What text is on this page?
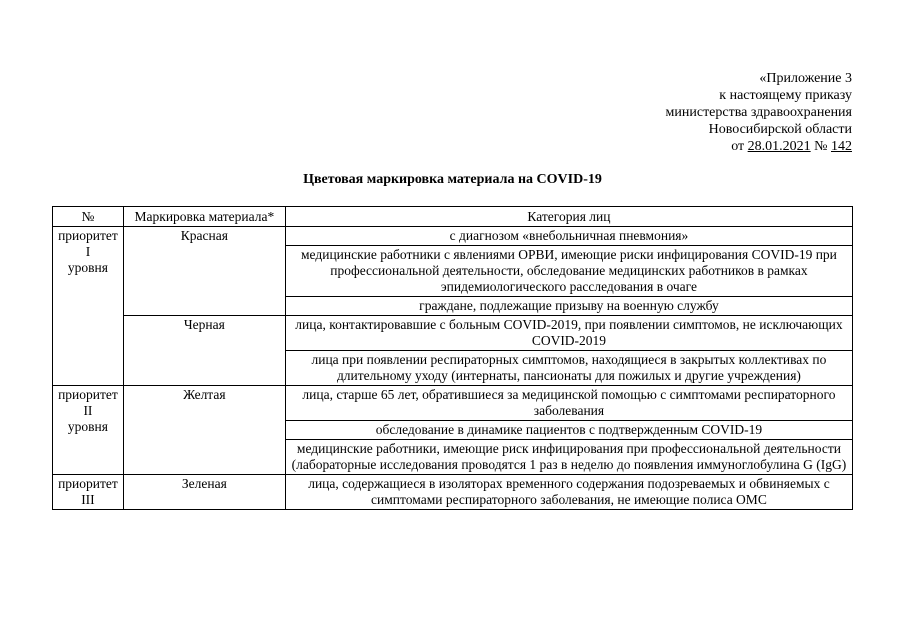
«Приложение 3
к настоящему приказу
министерства здравоохранения
Новосибирской области
от 28.01.2021 № 142
Цветовая маркировка материала на COVID-19
№	Маркировка материала*	Категория лиц

приоритет
I
уровня	Красная	с диагнозом «внебольничная пневмония»
		медицинские работники с явлениями ОРВИ, имеющие риски инфицирования COVID-19 при профессиональной деятельности, обследование медицинских работников в рамках эпидемиологического расследования в очаге
		граждане, подлежащие призыву на военную службу
	Черная	лица, контактировавшие с больным COVID-2019, при появлении симптомов, не исключающих COVID-2019
		лица при появлении респираторных симптомов, находящиеся в закрытых коллективах по длительному уходу (интернаты, пансионаты для пожилых и другие учреждения)

приоритет
II
уровня	Желтая	лица, старше 65 лет, обратившиеся за медицинской помощью с симптомами респираторного заболевания
		обследование в динамике пациентов с подтвержденным COVID-19
		медицинские работники, имеющие риск инфицирования при профессиональной деятельности (лабораторные исследования проводятся 1 раз в неделю до появления иммуноглобулина G (IgG)

приоритет
III	Зеленая	лица, содержащиеся в изоляторах временного содержания подозреваемых и обвиняемых с симптомами респираторного заболевания, не имеющие полиса ОМС
